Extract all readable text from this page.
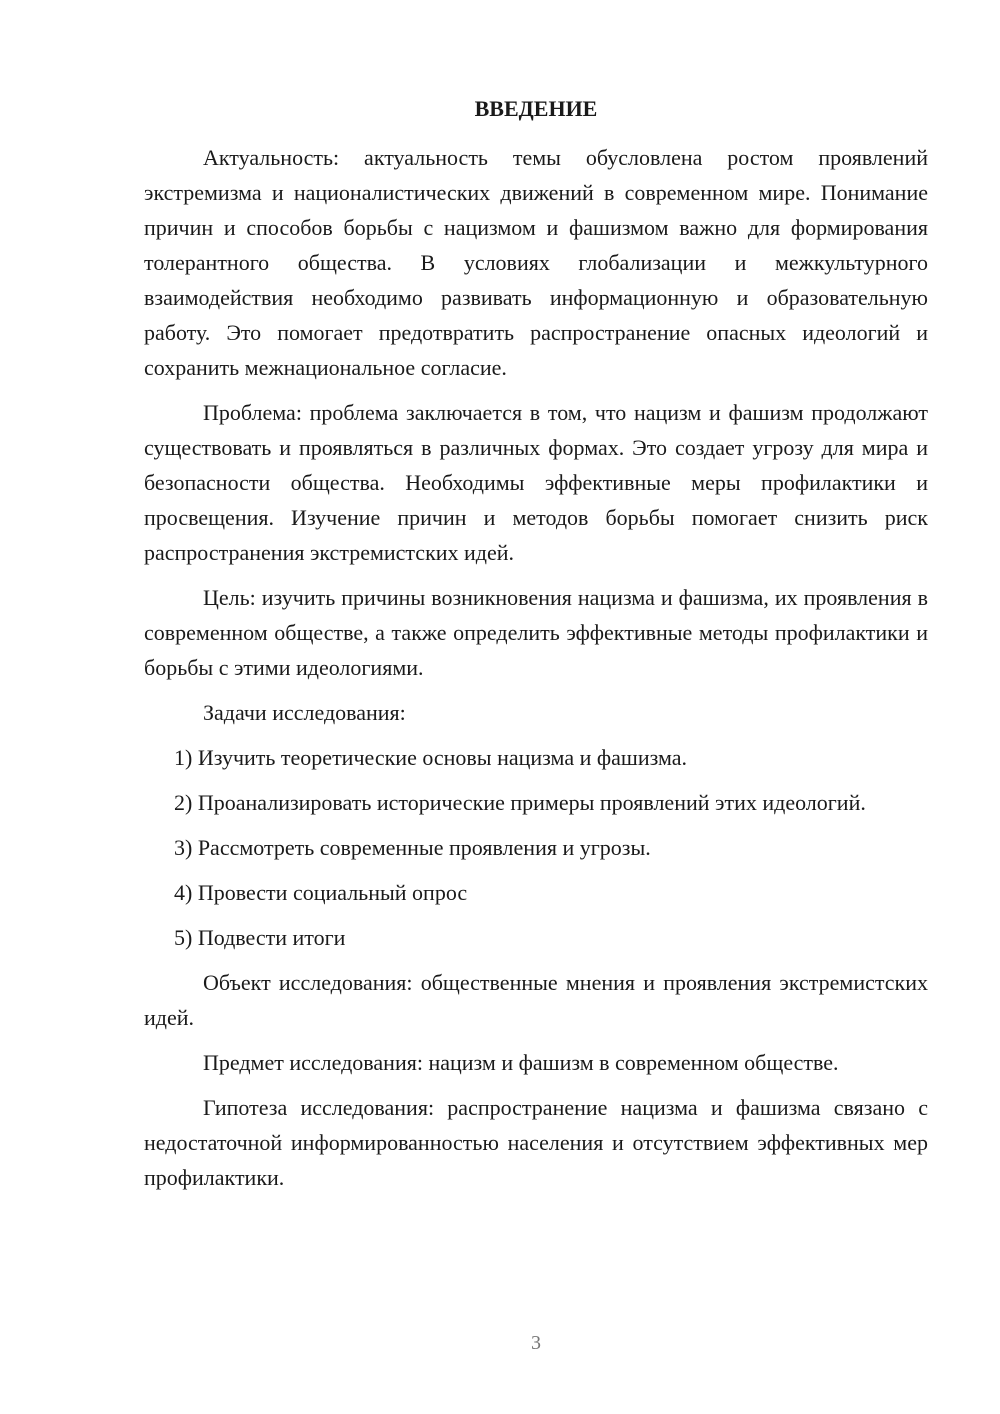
ВВЕДЕНИЕ

Актуальность: актуальность темы обусловлена ростом проявлений экстремизма и националистических движений в современном мире. Понимание причин и способов борьбы с нацизмом и фашизмом важно для формирования толерантного общества. В условиях глобализации и межкультурного взаимодействия необходимо развивать информационную и образовательную работу. Это помогает предотвратить распространение опасных идеологий и сохранить межнациональное согласие.

Проблема: проблема заключается в том, что нацизм и фашизм продолжают существовать и проявляться в различных формах. Это создает угрозу для мира и безопасности общества. Необходимы эффективные меры профилактики и просвещения. Изучение причин и методов борьбы помогает снизить риск распространения экстремистских идей.

Цель: изучить причины возникновения нацизма и фашизма, их проявления в современном обществе, а также определить эффективные методы профилактики и борьбы с этими идеологиями.

Задачи исследования:

1) Изучить теоретические основы нацизма и фашизма.

2) Проанализировать исторические примеры проявлений этих идеологий.

3) Рассмотреть современные проявления и угрозы.

4) Провести социальный опрос

5) Подвести итоги

Объект исследования: общественные мнения и проявления экстремистских идей.

Предмет исследования: нацизм и фашизм в современном обществе.

Гипотеза исследования: распространение нацизма и фашизма связано с недостаточной информированностью населения и отсутствием эффективных мер профилактики.

3
